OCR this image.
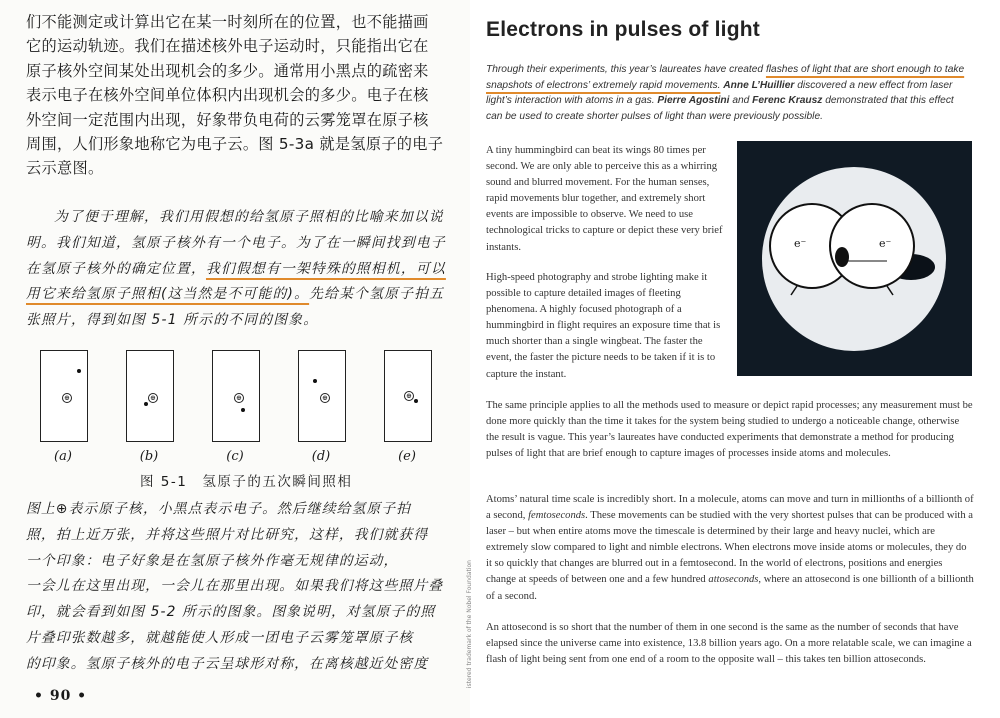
们不能测定或计算出它在某一时刻所在的位置，也不能描画

它的运动轨迹。我们在描述核外电子运动时，只能指出它在

原子核外空间某处出现机会的多少。通常用小黑点的疏密来

表示电子在核外空间单位体积内出现机会的多少。电子在核

外空间一定范围内出现，好象带负电荷的云雾笼罩在原子核

周围，人们形象地称它为电子云。图 5-3a 就是氢原子的电子

云示意图。

为了便于理解，我们用假想的给氢原子照相的比喻来加以说明。我们知道，氢原子核外有一个电子。为了在一瞬间找到电子在氢原子核外的确定位置，我们假想有一架特殊的照相机，可以用它来给氢原子照相(这当然是不可能的)。先给某个氢原子拍五张照片，得到如图 5-1 所示的不同的图象。

⊕
(a)
⊕
(b)
⊕
(c)
⊕
(d)
⊕
(e)
图 5-1　氢原子的五次瞬间照相

图上⊕表示原子核，小黑点表示电子。然后继续给氢原子拍

照，拍上近万张，并将这些照片对比研究，这样，我们就获得

一个印象：电子好象是在氢原子核外作毫无规律的运动，

一会儿在这里出现，一会儿在那里出现。如果我们将这些照片叠

印，就会看到如图 5-2 所示的图象。图象说明，对氢原子的照

片叠印张数越多，就越能使人形成一团电子云雾笼罩原子核

的印象。氢原子核外的电子云呈球形对称，在离核越近处密度

• 90 •
istered trademark of the Nobel Foundation
Electrons in pulses of light
Through their experiments, this year’s laureates have created flashes of light that are short enough to take snapshots of electrons’ extremely rapid movements. Anne L’Huillier discovered a new effect from laser light’s interaction with atoms in a gas. Pierre Agostini and Ferenc Krausz demonstrated that this effect can be used to create shorter pulses of light than were previously possible.

A tiny hummingbird can beat its wings 80 times per second. We are only able to perceive this as a whirring sound and blurred movement. For the human senses, rapid movements blur together, and extremely short events are impossible to observe. We need to use technological tricks to capture or depict these very brief instants.

High-speed photography and strobe lighting make it possible to capture detailed images of fleeting phenomena. A highly focused photograph of a hummingbird in flight requires an exposure time that is much shorter than a single wingbeat. The faster the event, the faster the picture needs to be taken if it is to capture the instant.

e⁻	e⁻

The same principle applies to all the methods used to measure or depict rapid processes; any measurement must be done more quickly than the time it takes for the system being studied to undergo a noticeable change, otherwise the result is vague. This year’s laureates have conducted experiments that demonstrate a method for producing pulses of light that are brief enough to capture images of processes inside atoms and molecules.

Atoms’ natural time scale is incredibly short. In a molecule, atoms can move and turn in millionths of a billionth of a second, femtoseconds. These movements can be studied with the very shortest pulses that can be produced with a laser – but when entire atoms move the timescale is determined by their large and heavy nuclei, which are extremely slow compared to light and nimble electrons. When electrons move inside atoms or molecules, they do it so quickly that changes are blurred out in a femtosecond. In the world of electrons, positions and energies change at speeds of between one and a few hundred attoseconds, where an attosecond is one billionth of a billionth of a second.

An attosecond is so short that the number of them in one second is the same as the number of seconds that have elapsed since the universe came into existence, 13.8 billion years ago. On a more relatable scale, we can imagine a flash of light being sent from one end of a room to the opposite wall – this takes ten billion attoseconds.
